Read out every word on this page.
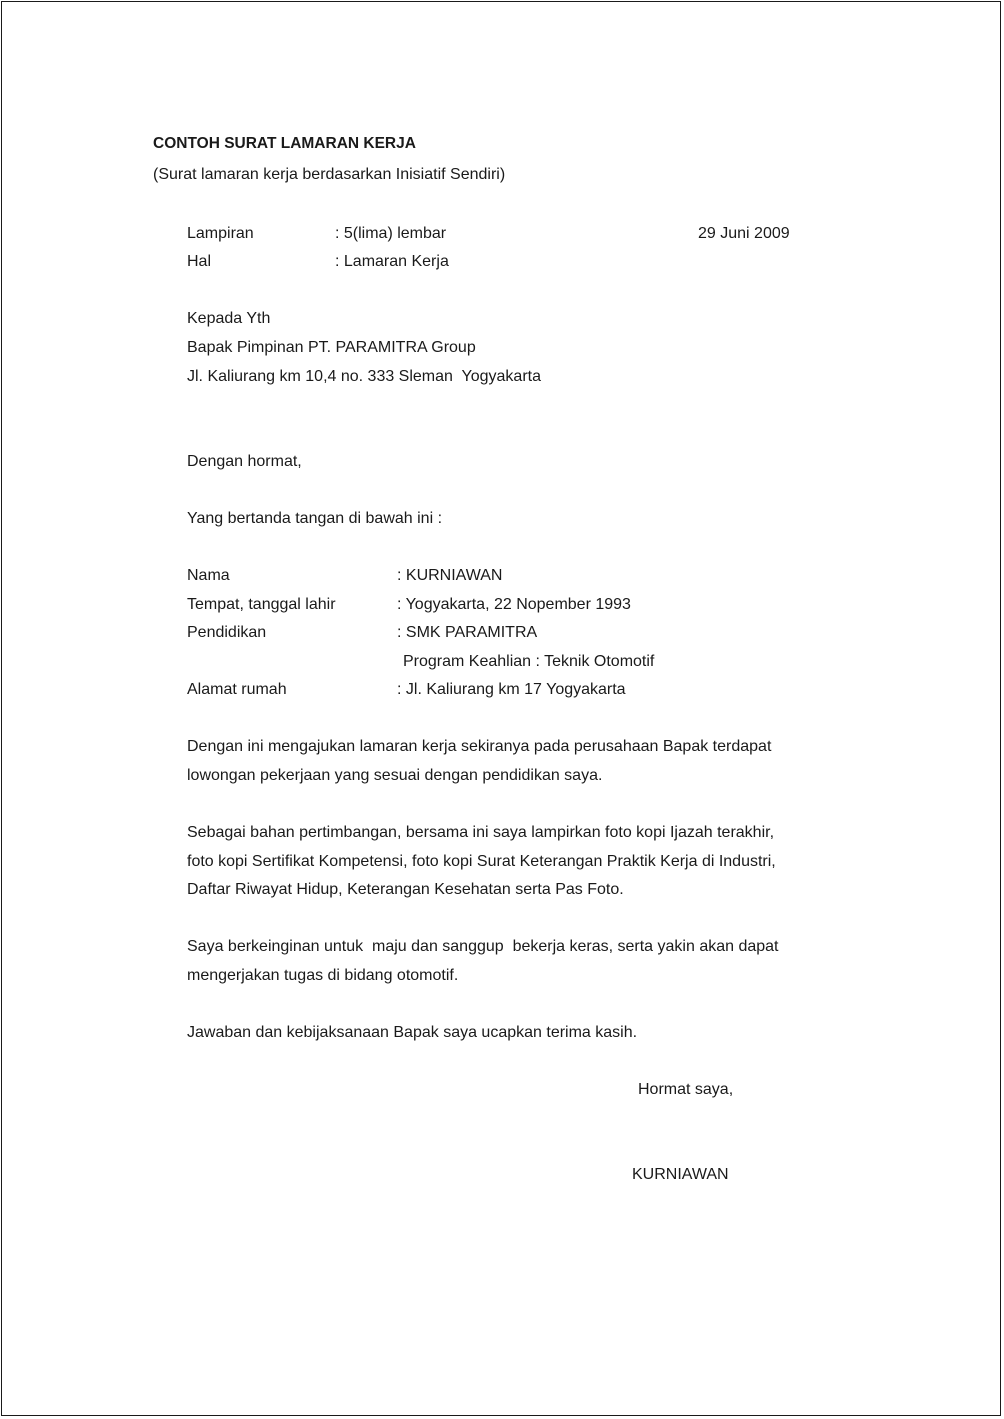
CONTOH SURAT LAMARAN KERJA
(Surat lamaran kerja berdasarkan Inisiatif Sendiri)
Lampiran	: 5(lima) lembar	29 Juni 2009
Hal	: Lamaran Kerja
Kepada Yth
Bapak Pimpinan PT. PARAMITRA Group
Jl. Kaliurang km 10,4 no. 333 Sleman  Yogyakarta
Dengan hormat,
Yang bertanda tangan di bawah ini :
Nama	: KURNIAWAN
Tempat, tanggal lahir	: Yogyakarta, 22 Nopember 1993
Pendidikan	: SMK PARAMITRA
Program Keahlian : Teknik Otomotif
Alamat rumah	: Jl. Kaliurang km 17 Yogyakarta
Dengan ini mengajukan lamaran kerja sekiranya pada perusahaan Bapak terdapat
lowongan pekerjaan yang sesuai dengan pendidikan saya.
Sebagai bahan pertimbangan, bersama ini saya lampirkan foto kopi Ijazah terakhir,
foto kopi Sertifikat Kompetensi, foto kopi Surat Keterangan Praktik Kerja di Industri,
Daftar Riwayat Hidup, Keterangan Kesehatan serta Pas Foto.
Saya berkeinginan untuk  maju dan sanggup  bekerja keras, serta yakin akan dapat
mengerjakan tugas di bidang otomotif.
Jawaban dan kebijaksanaan Bapak saya ucapkan terima kasih.
Hormat saya,
KURNIAWAN
